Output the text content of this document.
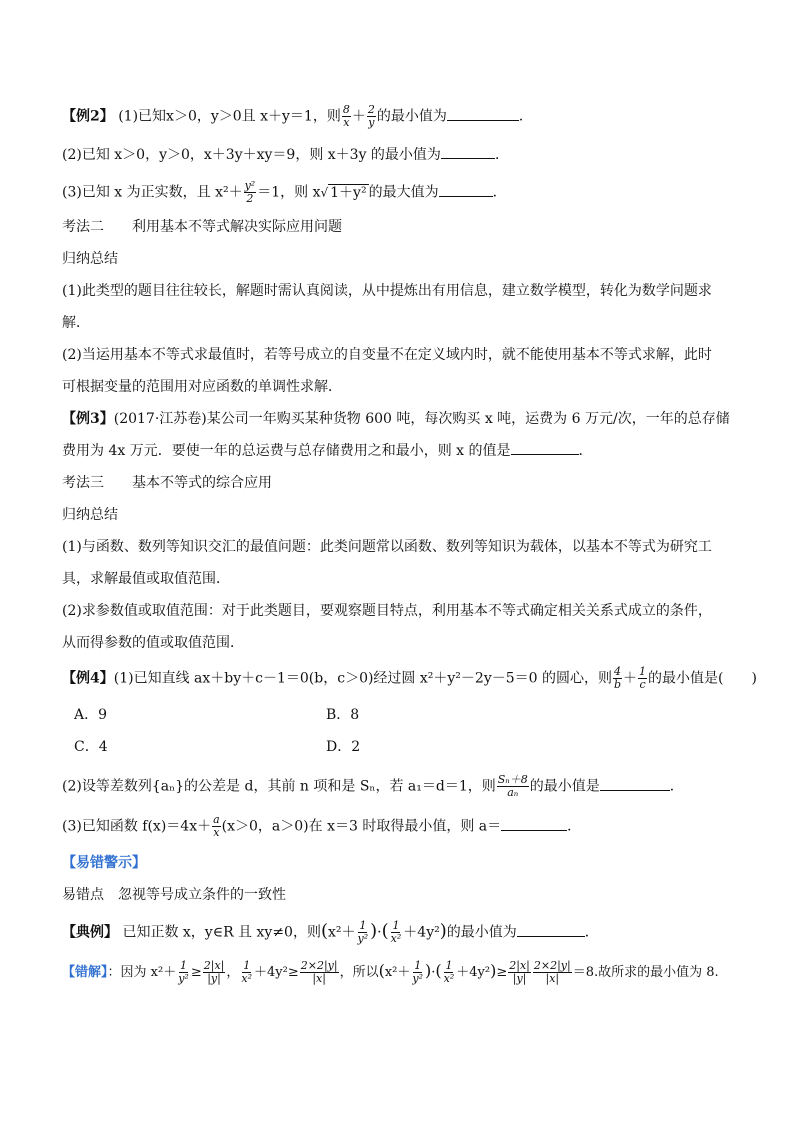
【例2】 (1)已知x＞0，y＞0且 x＋y＝1，则 $\frac{8}{x} + \frac{2}{y}$ 的最小值为	．
(2)已知 x＞0，y＞0，x＋3y＋xy＝9，则 x＋3y 的最小值为	．
(3)已知 x 为正实数，且 $x^2+ \frac{\text{y²}}{2} =1$，则 x√ 1＋y² 的最大值为	．
考法二　　利用基本不等式解决实际应用问题
归纳总结
(1)此类型的题目往往较长，解题时需认真阅读，从中提炼出有用信息，建立数学模型，转化为数学问题求
解．
(2)当运用基本不等式求最值时，若等号成立的自变量不在定义域内时，就不能使用基本不等式求解，此时
可根据变量的范围用对应函数的单调性求解．
【例3】(2017·江苏卷)某公司一年购买某种货物 600 吨，每次购买 x 吨，运费为 6 万元/次，一年的总存储
费用为 4x 万元．要使一年的总运费与总存储费用之和最小，则 x 的值是	．
考法三　　基本不等式的综合应用
归纳总结
(1)与函数、数列等知识交汇的最值问题：此类问题常以函数、数列等知识为载体，以基本不等式为研究工
具，求解最值或取值范围．
(2)求参数值或取值范围：对于此类题目，要观察题目特点，利用基本不等式确定相关关系式成立的条件，
从而得参数的值或取值范围．
【例4】(1)已知直线 ax＋by＋c－1＝0(b，c＞0)经过圆 x²＋y²－2y－5＝0 的圆心，则 $\frac{4}{b} + \frac{1}{c}$ 的最小值是(　　)
A．9	B．8
C．4	D．2
(2)设等差数列{aₙ}的公差是 d，其前 n 项和是 Sₙ，若 a₁＝d＝1，则 $\frac{\text{Sₙ＋8}}{\text{aₙ}}$ 的最小值是	．
(3)已知函数 $f(x)=4x+ \frac{a}{x} (x>0$，a＞0)在 x＝3 时取得最小值，则 a＝	．
【易错警示】
易错点　忽视等号成立条件的一致性
【典例】 已知正数 x，y∈R 且 xy≠0，则($x^2+ \frac{1}{\text{y²}}$ )·( $\frac{1}{\text{x²}} +4y^2$)的最小值为	．
【错解】：因为 $x^2+ \frac{1}{\text{y²}} \ge \frac{2|x|}{|y|}$ ， $\frac{1}{\text{x²}} +4y^2\ge \frac{2\times 2|y|}{|x|}$ ，所以($x^2+ \frac{1}{\text{y²}}$ )·( $\frac{1}{\text{x²}} +4y^2)\ge \frac{2|x|}{|y|} \frac{2\times 2|y|}{|x|} =8$.故所求的最小值为 8.
